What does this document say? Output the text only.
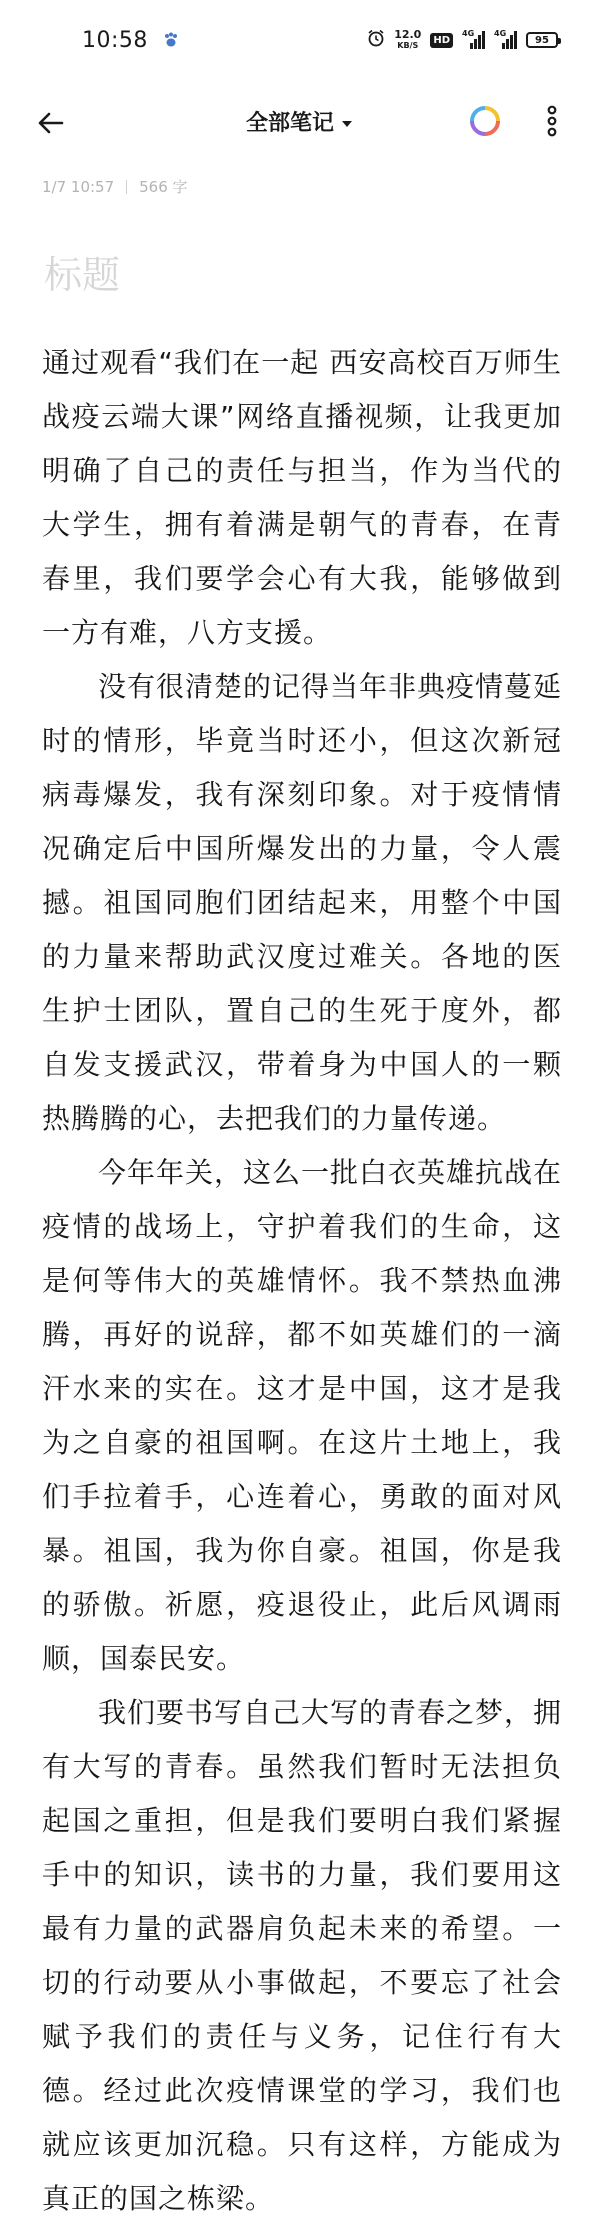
10:58	12.0
KB/S	HD
4G 4G
95
全部笔记
1/7 10:57 566 字
标题

通过观看“我们在一起 西安高校百万师生战疫云端大课”网络直播视频，让我更加明确了自己的责任与担当，作为当代的大学生，拥有着满是朝气的青春，在青春里，我们要学会心有大我，能够做到一方有难，八方支援。

没有很清楚的记得当年非典疫情蔓延时的情形，毕竟当时还小，但这次新冠病毒爆发，我有深刻印象。对于疫情情况确定后中国所爆发出的力量，令人震撼。祖国同胞们团结起来，用整个中国的力量来帮助武汉度过难关。各地的医生护士团队，置自己的生死于度外，都自发支援武汉，带着身为中国人的一颗热腾腾的心，去把我们的力量传递。

今年年关，这么一批白衣英雄抗战在疫情的战场上，守护着我们的生命，这是何等伟大的英雄情怀。我不禁热血沸腾，再好的说辞，都不如英雄们的一滴汗水来的实在。这才是中国，这才是我为之自豪的祖国啊。在这片土地上，我们手拉着手，心连着心，勇敢的面对风暴。祖国，我为你自豪。祖国，你是我的骄傲。祈愿，疫退役止，此后风调雨顺，国泰民安。

我们要书写自己大写的青春之梦，拥有大写的青春。虽然我们暂时无法担负起国之重担，但是我们要明白我们紧握手中的知识，读书的力量，我们要用这最有力量的武器肩负起未来的希望。一切的行动要从小事做起，不要忘了社会赋予我们的责任与义务，记住行有大德。经过此次疫情课堂的学习，我们也就应该更加沉稳。只有这样，方能成为真正的国之栋梁。
